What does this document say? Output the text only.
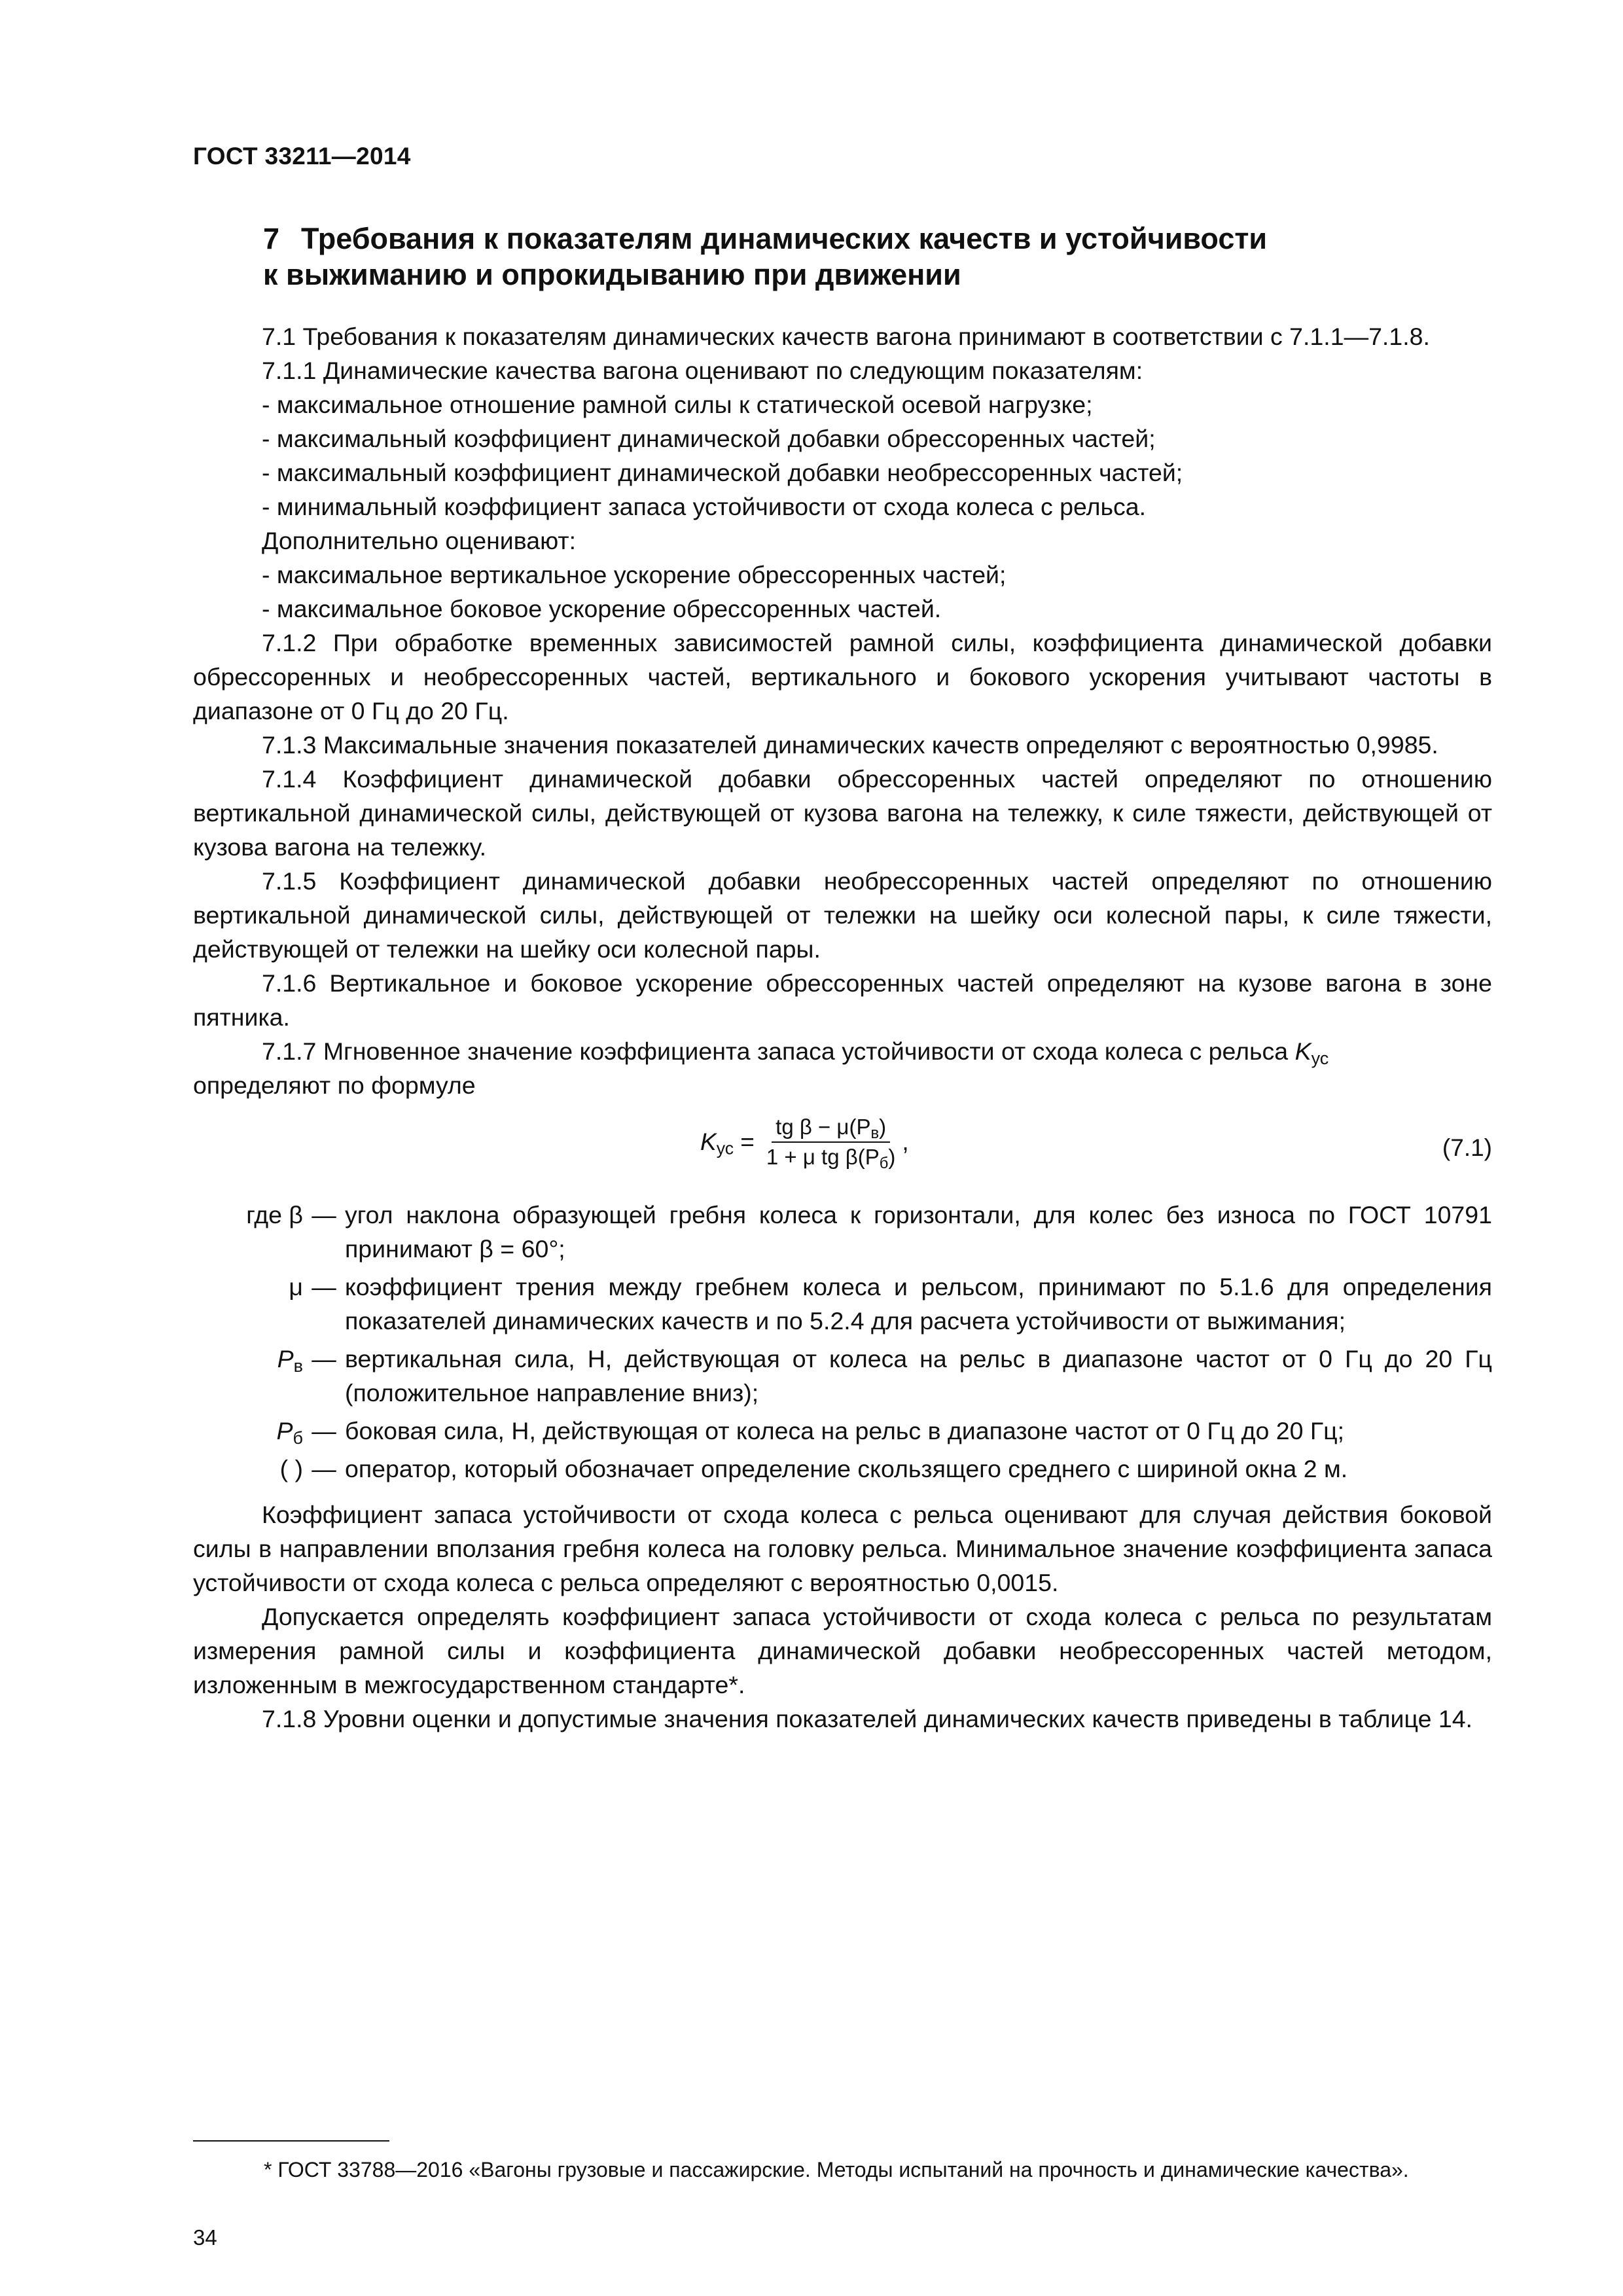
ГОСТ 33211—2014
7 Требования к показателям динамических качеств и устойчивости
к выжиманию и опрокидыванию при движении

7.1 Требования к показателям динамических качеств вагона принимают в соответствии с 7.1.1—7.1.8.

7.1.1 Динамические качества вагона оценивают по следующим показателям:

- максимальное отношение рамной силы к статической осевой нагрузке;

- максимальный коэффициент динамической добавки обрессоренных частей;

- максимальный коэффициент динамической добавки необрессоренных частей;

- минимальный коэффициент запаса устойчивости от схода колеса с рельса.

Дополнительно оценивают:

- максимальное вертикальное ускорение обрессоренных частей;

- максимальное боковое ускорение обрессоренных частей.

7.1.2 При обработке временных зависимостей рамной силы, коэффициента динамической добавки обрессоренных и необрессоренных частей, вертикального и бокового ускорения учитывают частоты в диапазоне от 0 Гц до 20 Гц.

7.1.3 Максимальные значения показателей динамических качеств определяют с вероятностью 0,9985.

7.1.4 Коэффициент динамической добавки обрессоренных частей определяют по отношению вертикальной динамической силы, действующей от кузова вагона на тележку, к силе тяжести, действующей от кузова вагона на тележку.

7.1.5 Коэффициент динамической добавки необрессоренных частей определяют по отношению вертикальной динамической силы, действующей от тележки на шейку оси колесной пары, к силе тяжести, действующей от тележки на шейку оси колесной пары.

7.1.6 Вертикальное и боковое ускорение обрессоренных частей определяют на кузове вагона в зоне пятника.

7.1.7 Мгновенное значение коэффициента запаса устойчивости от схода колеса с рельса $K_{ус}$
определяют по формуле

$K_{ус} = \frac{tg \beta - \mu(P_в)}{1 + \mu tg \beta(P_б)}$ ,	(7.1)
где β — угол наклона образующей гребня колеса к горизонтали, для колес без износа по ГОСТ 10791 принимают β = 60°;
μ — коэффициент трения между гребнем колеса и рельсом, принимают по 5.1.6 для определения показателей динамических качеств и по 5.2.4 для расчета устойчивости от выжимания;
$P_в$ — вертикальная сила, Н, действующая от колеса на рельс в диапазоне частот от 0 Гц до 20 Гц (положительное направление вниз);
$P_б$ — боковая сила, Н, действующая от колеса на рельс в диапазоне частот от 0 Гц до 20 Гц;
( ) — оператор, который обозначает определение скользящего среднего с шириной окна 2 м.

Коэффициент запаса устойчивости от схода колеса с рельса оценивают для случая действия боковой силы в направлении вползания гребня колеса на головку рельса. Минимальное значение коэффициента запаса устойчивости от схода колеса с рельса определяют с вероятностью 0,0015.

Допускается определять коэффициент запаса устойчивости от схода колеса с рельса по результатам измерения рамной силы и коэффициента динамической добавки необрессоренных частей методом, изложенным в межгосударственном стандарте*.

7.1.8 Уровни оценки и допустимые значения показателей динамических качеств приведены в таблице 14.

* ГОСТ 33788—2016 «Вагоны грузовые и пассажирские. Методы испытаний на прочность и динамические качества».
34
